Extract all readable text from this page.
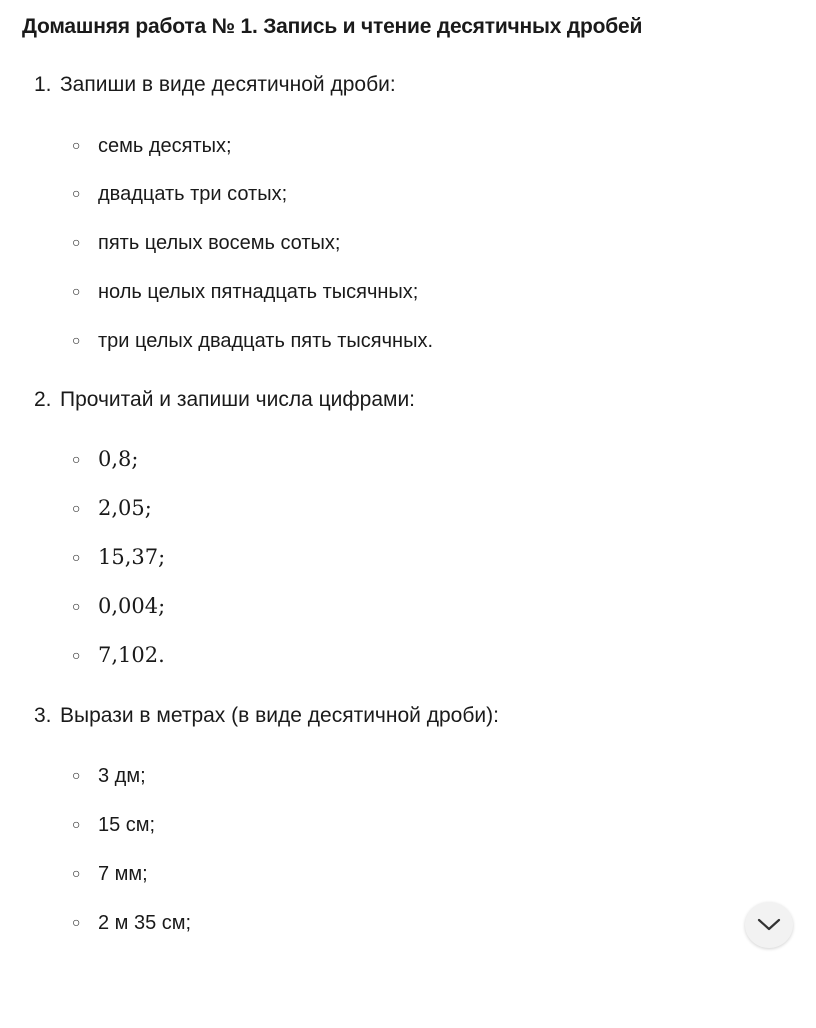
Домашняя работа № 1. Запись и чтение десятичных дробей

1. Запиши в виде десятичной дроби:

○ семь десятых;

○ двадцать три сотых;

○ пять целых восемь сотых;

○ ноль целых пятнадцать тысячных;

○ три целых двадцать пять тысячных.

2. Прочитай и запиши числа цифрами:

○ 0,8;

○ 2,05;

○ 15,37;

○ 0,004;

○ 7,102.

3. Вырази в метрах (в виде десятичной дроби):

○ 3 дм;

○ 15 см;

○ 7 мм;

○ 2 м 35 см;
